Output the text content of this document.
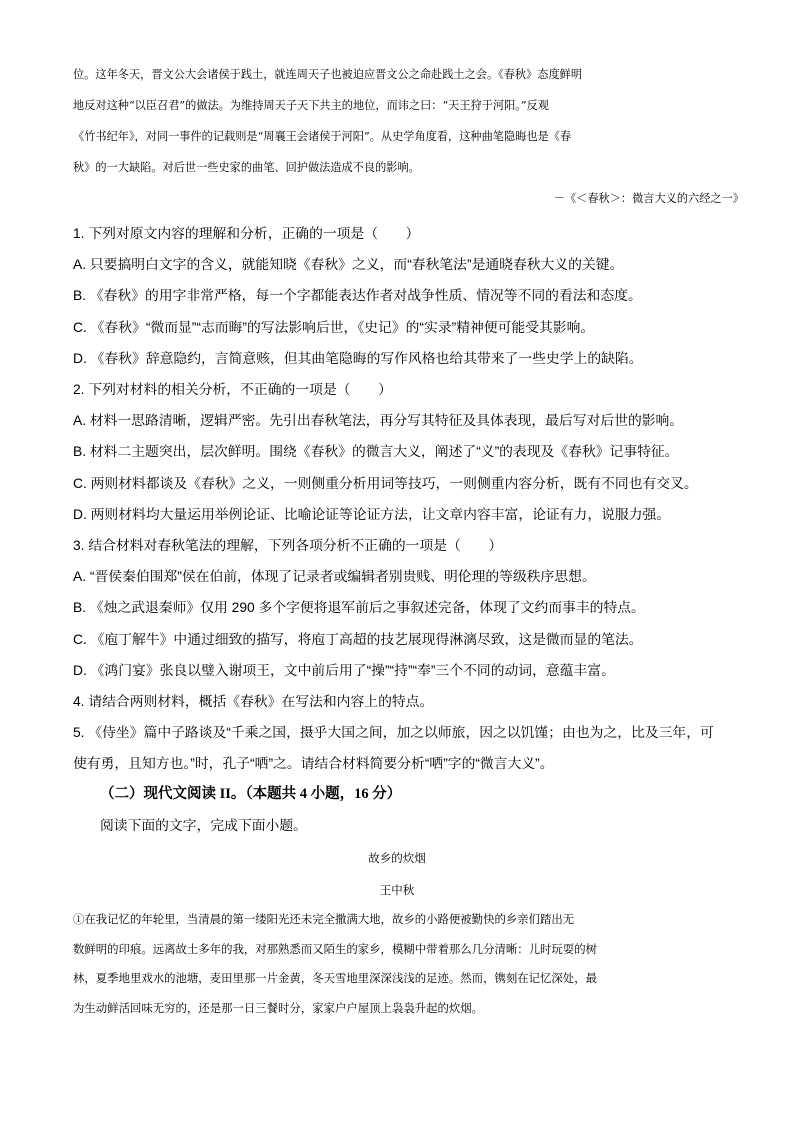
位。这年冬天，晋文公大会诸侯于践土，就连周天子也被迫应晋文公之命赴践土之会。《春秋》态度鲜明

地反对这种“以臣召君”的做法。为维持周天子天下共主的地位，而讳之曰：“天王狩于河阳。”反观

《竹书纪年》，对同一事件的记载则是“周襄王会诸侯于河阳”。从史学角度看，这种曲笔隐晦也是《春

秋》的一大缺陷。对后世一些史家的曲笔、回护做法造成不良的影响。

－《＜春秋＞：微言大义的六经之一》

1. 下列对原文内容的理解和分析，正确的一项是（　　）

A. 只要搞明白文字的含义，就能知晓《春秋》之义，而“春秋笔法”是通晓春秋大义的关键。

B. 《春秋》的用字非常严格，每一个字都能表达作者对战争性质、情况等不同的看法和态度。

C. 《春秋》“微而显”“志而晦”的写法影响后世，《史记》的“实录”精神便可能受其影响。

D. 《春秋》辞意隐约，言简意赅，但其曲笔隐晦的写作风格也给其带来了一些史学上的缺陷。

2. 下列对材料的相关分析，不正确的一项是（　　）

A. 材料一思路清晰，逻辑严密。先引出春秋笔法，再分写其特征及具体表现，最后写对后世的影响。

B. 材料二主题突出，层次鲜明。围绕《春秋》的微言大义，阐述了“义”的表现及《春秋》记事特征。

C. 两则材料都谈及《春秋》之义，一则侧重分析用词等技巧，一则侧重内容分析，既有不同也有交叉。

D. 两则材料均大量运用举例论证、比喻论证等论证方法，让文章内容丰富，论证有力，说服力强。

3. 结合材料对春秋笔法的理解，下列各项分析不正确的一项是（　　）

A. “晋侯秦伯围郑”侯在伯前，体现了记录者或编辑者别贵贱、明伦理的等级秩序思想。

B. 《烛之武退秦师》仅用 290 多个字便将退军前后之事叙述完备，体现了文约而事丰的特点。

C. 《庖丁解牛》中通过细致的描写，将庖丁高超的技艺展现得淋漓尽致，这是微而显的笔法。

D. 《鸿门宴》张良以璧入谢项王，文中前后用了“操”“持”“奉”三个不同的动词，意蕴丰富。

4. 请结合两则材料，概括《春秋》在写法和内容上的特点。

5. 《侍坐》篇中子路谈及“千乘之国，摄乎大国之间，加之以师旅，因之以饥馑；由也为之，比及三年，可使有勇，且知方也。”时，孔子“哂”之。请结合材料简要分析“哂”字的“微言大义”。

（二）现代文阅读 II。（本题共 4 小题，16 分）
阅读下面的文字，完成下面小题。
故乡的炊烟
王中秋

①在我记忆的年轮里，当清晨的第一缕阳光还未完全撒满大地，故乡的小路便被勤快的乡亲们踏出无

数鲜明的印痕。远离故土多年的我，对那熟悉而又陌生的家乡，模糊中带着那么几分清晰：儿时玩耍的树

林，夏季地里戏水的池塘，麦田里那一片金黄，冬天雪地里深深浅浅的足迹。然而，镌刻在记忆深处，最

为生动鲜活回味无穷的，还是那一日三餐时分，家家户户屋顶上袅袅升起的炊烟。
